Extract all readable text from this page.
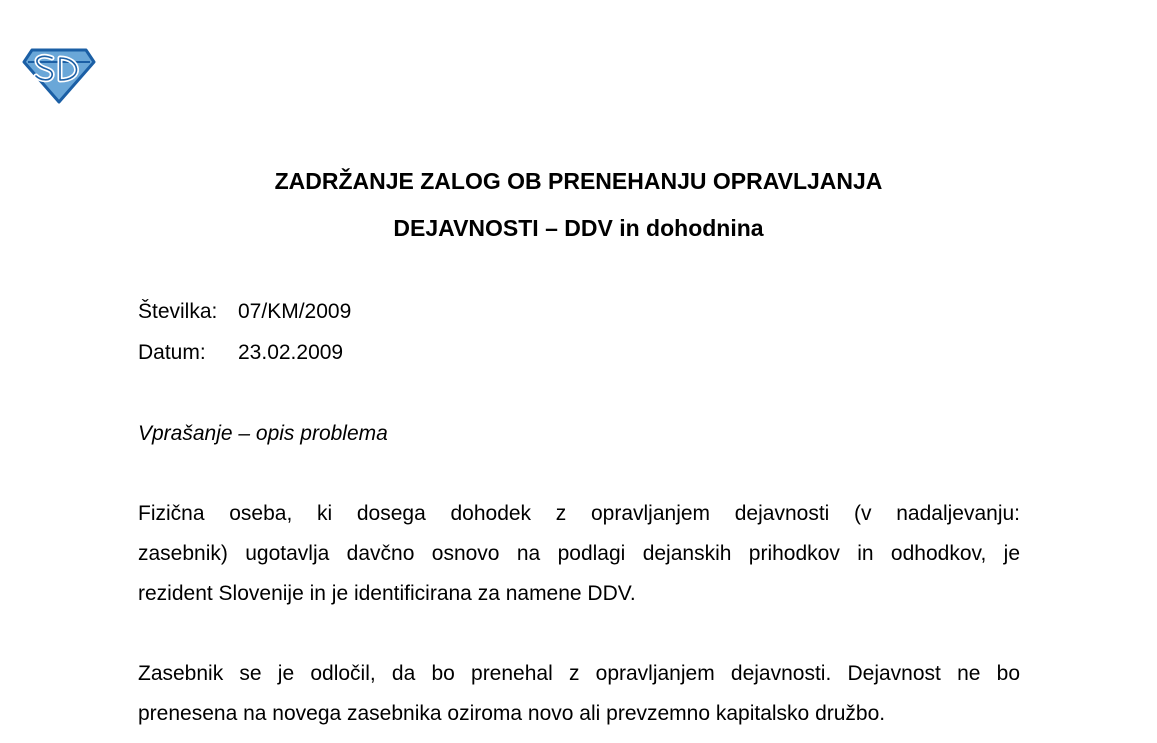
ZADRŽANJE ZALOG OB PRENEHANJU OPRAVLJANJA
DEJAVNOSTI – DDV in dohodnina
Številka: 07/KM/2009
Datum: 23.02.2009
Vprašanje – opis problema
Fizična oseba, ki dosega dohodek z opravljanjem dejavnosti (v nadaljevanju:
zasebnik) ugotavlja davčno osnovo na podlagi dejanskih prihodkov in odhodkov, je
rezident Slovenije in je identificirana za namene DDV.
Zasebnik se je odločil, da bo prenehal z opravljanjem dejavnosti. Dejavnost ne bo
prenesena na novega zasebnika oziroma novo ali prevzemno kapitalsko družbo.
